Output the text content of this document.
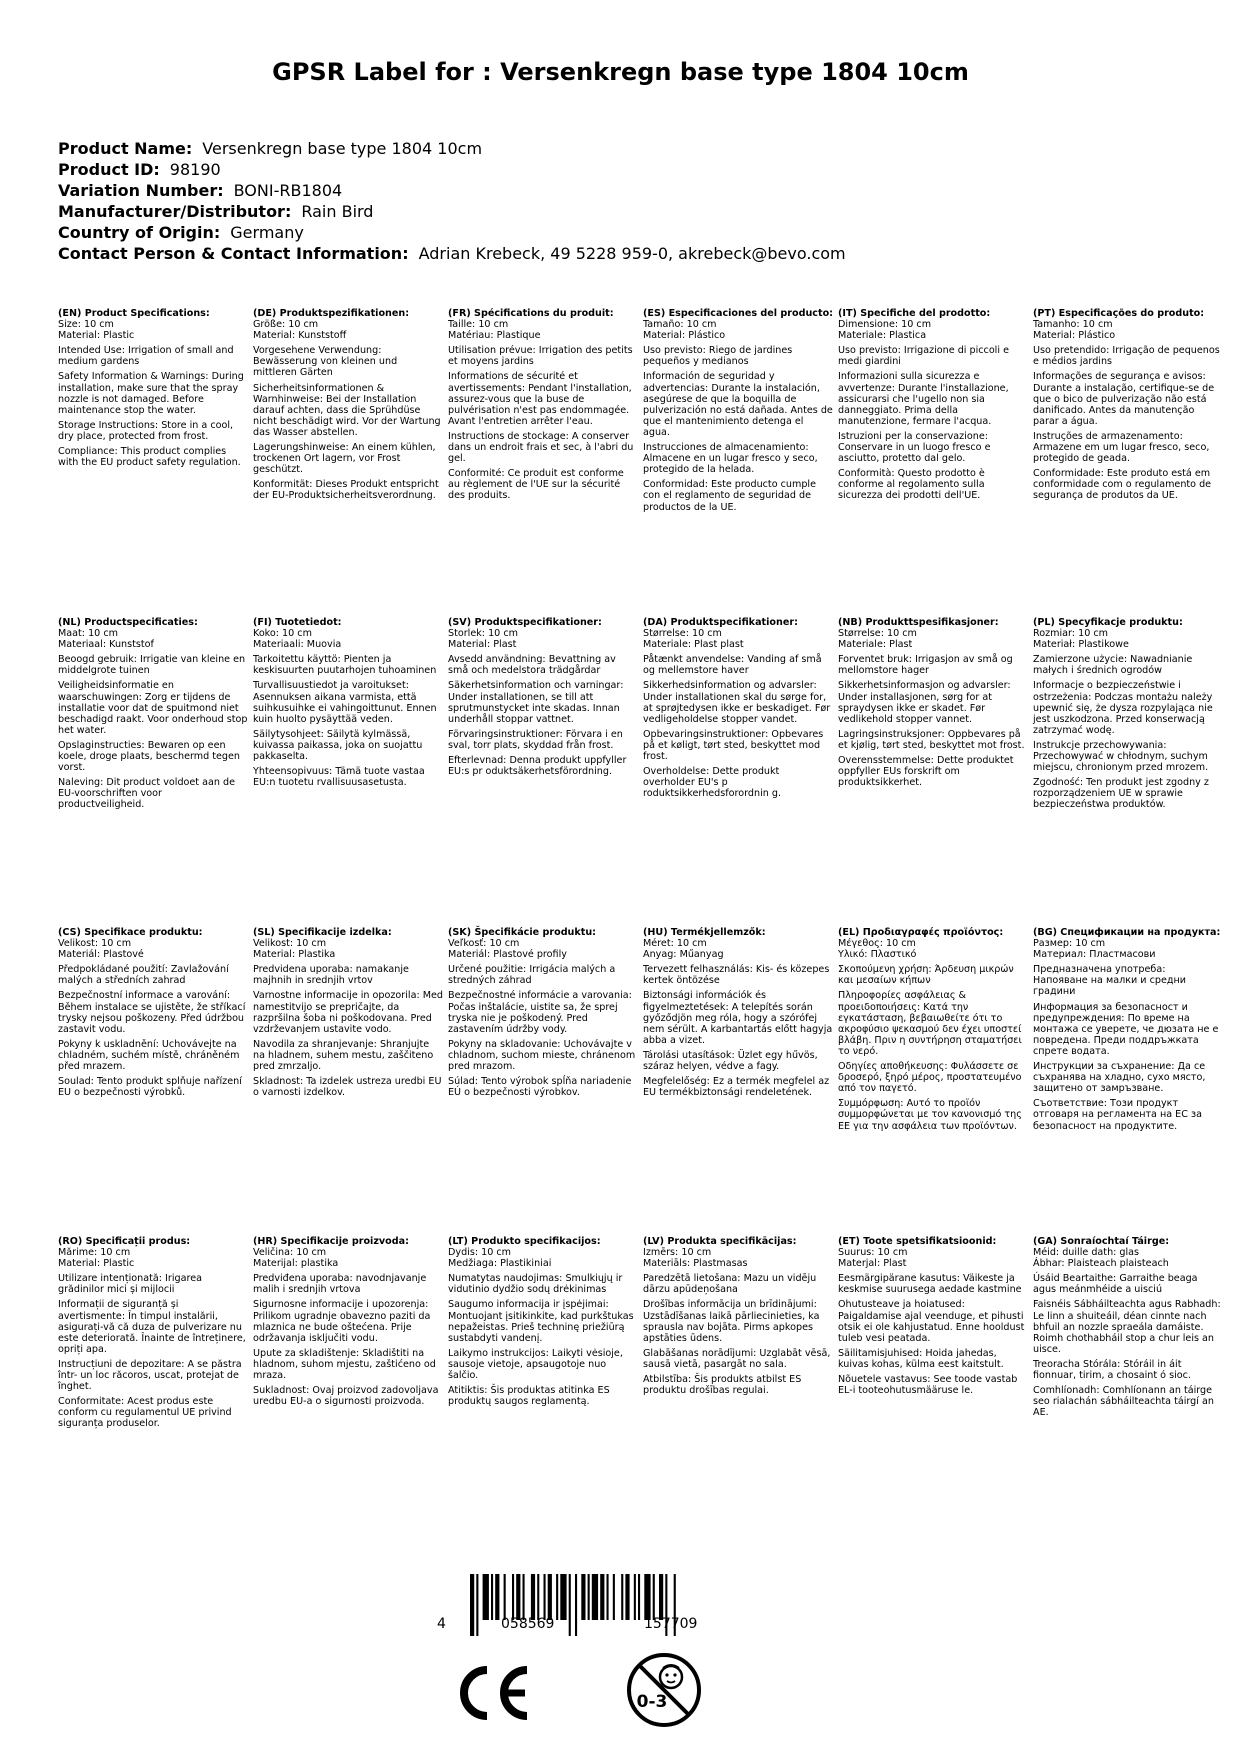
GPSR Label for : Versenkregn base type 1804 10cm
Product Name: Versenkregn base type 1804 10cm
Product ID: 98190
Variation Number: BONI-RB1804
Manufacturer/Distributor: Rain Bird
Country of Origin: Germany
Contact Person & Contact Information: Adrian Krebeck, 49 5228 959-0, akrebeck@bevo.com
(EN) Product Specifications:
Size: 10 cm
Material: Plastic
Intended Use: Irrigation of small and medium gardens
Safety Information & Warnings: During installation, make sure that the spray nozzle is not damaged. Before maintenance stop the water.
Storage Instructions: Store in a cool, dry place, protected from frost.
Compliance: This product complies with the EU product safety regulation.
(DE) Produktspezifikationen:
Größe: 10 cm
Material: Kunststoff
Vorgesehene Verwendung: Bewässerung von kleinen und mittleren Gärten
Sicherheitsinformationen & Warnhinweise: Bei der Installation darauf achten, dass die Sprühdüse nicht beschädigt wird. Vor der Wartung das Wasser abstellen.
Lagerungshinweise: An einem kühlen, trockenen Ort lagern, vor Frost geschützt.
Konformität: Dieses Produkt entspricht der EU-Produktsicherheitsverordnung.
(FR) Spécifications du produit:
Taille: 10 cm
Matériau: Plastique
Utilisation prévue: Irrigation des petits et moyens jardins
Informations de sécurité et avertissements: Pendant l'installation, assurez-vous que la buse de pulvérisation n'est pas endommagée. Avant l'entretien arrêter l'eau.
Instructions de stockage: A conserver dans un endroit frais et sec, à l'abri du gel.
Conformité: Ce produit est conforme au règlement de l'UE sur la sécurité des produits.
(ES) Especificaciones del producto:
Tamaño: 10 cm
Material: Plástico
Uso previsto: Riego de jardines pequeños y medianos
Información de seguridad y advertencias: Durante la instalación, asegúrese de que la boquilla de pulverización no está dañada. Antes de que el mantenimiento detenga el agua.
Instrucciones de almacenamiento: Almacene en un lugar fresco y seco, protegido de la helada.
Conformidad: Este producto cumple con el reglamento de seguridad de productos de la UE.
(IT) Specifiche del prodotto:
Dimensione: 10 cm
Materiale: Plastica
Uso previsto: Irrigazione di piccoli e medi giardini
Informazioni sulla sicurezza e avvertenze: Durante l'installazione, assicurarsi che l'ugello non sia danneggiato. Prima della manutenzione, fermare l'acqua.
Istruzioni per la conservazione: Conservare in un luogo fresco e asciutto, protetto dal gelo.
Conformità: Questo prodotto è conforme al regolamento sulla sicurezza dei prodotti dell'UE.
(PT) Especificações do produto:
Tamanho: 10 cm
Material: Plástico
Uso pretendido: Irrigação de pequenos e médios jardins
Informações de segurança e avisos: Durante a instalação, certifique-se de que o bico de pulverização não está danificado. Antes da manutenção parar a água.
Instruções de armazenamento: Armazene em um lugar fresco, seco, protegido de geada.
Conformidade: Este produto está em conformidade com o regulamento de segurança de produtos da UE.
(NL) Productspecificaties:
Maat: 10 cm
Materiaal: Kunststof
Beoogd gebruik: Irrigatie van kleine en middelgrote tuinen
Veiligheidsinformatie en waarschuwingen: Zorg er tijdens de installatie voor dat de spuitmond niet beschadigd raakt. Voor onderhoud stop het water.
Opslaginstructies: Bewaren op een koele, droge plaats, beschermd tegen vorst.
Naleving: Dit product voldoet aan de EU-voorschriften voor productveiligheid.
(FI) Tuotetiedot:
Koko: 10 cm
Materiaali: Muovia
Tarkoitettu käyttö: Pienten ja keskisuurten puutarhojen tuhoaminen
Turvallisuustiedot ja varoitukset: Asennuksen aikana varmista, että suihkusuihke ei vahingoittunut. Ennen kuin huolto pysäyttää veden.
Säilytysohjeet: Säilytä kylmässä, kuivassa paikassa, joka on suojattu pakkaselta.
Yhteensopivuus: Tämä tuote vastaa EU:n tuotetu rvallisuusasetusta.
(SV) Produktspecifikationer:
Storlek: 10 cm
Material: Plast
Avsedd användning: Bevattning av små och medelstora trädgårdar
Säkerhetsinformation och varningar: Under installationen, se till att sprutmunstycket inte skadas. Innan underhåll stoppar vattnet.
Förvaringsinstruktioner: Förvara i en sval, torr plats, skyddad från frost.
Efterlevnad: Denna produkt uppfyller EU:s pr oduktsäkerhetsförordning.
(DA) Produktspecifikationer:
Størrelse: 10 cm
Materiale: Plast plast
Påtænkt anvendelse: Vanding af små og mellemstore haver
Sikkerhedsinformation og advarsler: Under installationen skal du sørge for, at sprøjtedysen ikke er beskadiget. Før vedligeholdelse stopper vandet.
Opbevaringsinstruktioner: Opbevares på et køligt, tørt sted, beskyttet mod frost.
Overholdelse: Dette produkt overholder EU's p roduktsikkerhedsforordnin g.
(NB) Produkttspesifikasjoner:
Størrelse: 10 cm
Materiale: Plast
Forventet bruk: Irrigasjon av små og mellomstore hager
Sikkerhetsinformasjon og advarsler: Under installasjonen, sørg for at spraydysen ikke er skadet. Før vedlikehold stopper vannet.
Lagringsinstruksjoner: Oppbevares på et kjølig, tørt sted, beskyttet mot frost.
Overensstemmelse: Dette produktet oppfyller EUs forskrift om produktsikkerhet.
(PL) Specyfikacje produktu:
Rozmiar: 10 cm
Materiał: Plastikowe
Zamierzone użycie: Nawadnianie małych i średnich ogrodów
Informacje o bezpieczeństwie i ostrzeżenia: Podczas montażu należy upewnić się, że dysza rozpylająca nie jest uszkodzona. Przed konserwacją zatrzymać wodę.
Instrukcje przechowywania: Przechowywać w chłodnym, suchym miejscu, chronionym przed mrozem.
Zgodność: Ten produkt jest zgodny z rozporządzeniem UE w sprawie bezpieczeństwa produktów.
(CS) Specifikace produktu:
Velikost: 10 cm
Materiál: Plastové
Předpokládané použití: Zavlažování malých a středních zahrad
Bezpečnostní informace a varování: Během instalace se ujistěte, že stříkací trysky nejsou poškozeny. Před údržbou zastavit vodu.
Pokyny k uskladnění: Uchovávejte na chladném, suchém místě, chráněném před mrazem.
Soulad: Tento produkt splňuje nařízení EU o bezpečnosti výrobků.
(SL) Specifikacije izdelka:
Velikost: 10 cm
Material: Plastika
Predvidena uporaba: namakanje majhnih in srednjih vrtov
Varnostne informacije in opozorila: Med namestitvijo se prepričajte, da razpršilna šoba ni poškodovana. Pred vzdrževanjem ustavite vodo.
Navodila za shranjevanje: Shranjujte na hladnem, suhem mestu, zaščiteno pred zmrzaljo.
Skladnost: Ta izdelek ustreza uredbi EU o varnosti izdelkov.
(SK) Špecifikácie produktu:
Veľkosť: 10 cm
Materiál: Plastové profily
Určené použitie: Irrigácia malých a stredných záhrad
Bezpečnostné informácie a varovania: Počas inštalácie, uistite sa, že sprej tryska nie je poškodený. Pred zastavením údržby vody.
Pokyny na skladovanie: Uchovávajte v chladnom, suchom mieste, chránenom pred mrazom.
Súlad: Tento výrobok spĺňa nariadenie EÚ o bezpečnosti výrobkov.
(HU) Termékjellemzők:
Méret: 10 cm
Anyag: Műanyag
Tervezett felhasználás: Kis- és közepes kertek öntözése
Biztonsági információk és figyelmeztetések: A telepítés során győződjön meg róla, hogy a szórófej nem sérült. A karbantartás előtt hagyja abba a vizet.
Tárolási utasítások: Üzlet egy hűvös, száraz helyen, védve a fagy.
Megfelelőség: Ez a termék megfelel az EU termékbiztonsági rendeletének.
(EL) Προδιαγραφές προϊόντος:
Μέγεθος: 10 cm
Υλικό: Πλαστικό
Σκοπούμενη χρήση: Άρδευση μικρών και μεσαίων κήπων
Πληροφορίες ασφάλειας & προειδοποιήσεις: Κατά την εγκατάσταση, βεβαιωθείτε ότι το ακροφύσιο ψεκασμού δεν έχει υποστεί βλάβη. Πριν η συντήρηση σταματήσει το νερό.
Οδηγίες αποθήκευσης: Φυλάσσετε σε δροσερό, ξηρό μέρος, προστατευμένο από τον παγετό.
Συμμόρφωση: Αυτό το προϊόν συμμορφώνεται με τον κανονισμό της ΕΕ για την ασφάλεια των προϊόντων.
(BG) Спецификации на продукта:
Размер: 10 cm
Материал: Пластмасови
Предназначена употреба: Напояване на малки и средни градини
Информация за безопасност и предупреждения: По време на монтажа се уверете, че дюзата не е повредена. Преди поддръжката спрете водата.
Инструкции за съхранение: Да се съхранява на хладно, сухо място, защитено от замръзване.
Съответствие: Този продукт отговаря на регламента на ЕС за безопасност на продуктите.
(RO) Specificații produs:
Mărime: 10 cm
Material: Plastic
Utilizare intenționată: Irigarea grădinilor mici și mijlocii
Informații de siguranță și avertismente: În timpul instalării, asigurați-vă că duza de pulverizare nu este deteriorată. Înainte de întreținere, opriți apa.
Instrucțiuni de depozitare: A se păstra într- un loc răcoros, uscat, protejat de înghet.
Conformitate: Acest produs este conform cu regulamentul UE privind siguranța produselor.
(HR) Specifikacije proizvoda:
Veličina: 10 cm
Materijal: plastika
Predviđena uporaba: navodnjavanje malih i srednjih vrtova
Sigurnosne informacije i upozorenja: Prilikom ugradnje obavezno paziti da mlaznica ne bude oštećena. Prije održavanja isključiti vodu.
Upute za skladištenje: Skladištiti na hladnom, suhom mjestu, zaštićeno od mraza.
Sukladnost: Ovaj proizvod zadovoljava uredbu EU-a o sigurnosti proizvoda.
(LT) Produkto specifikacijos:
Dydis: 10 cm
Medžiaga: Plastikiniai
Numatytas naudojimas: Smulkiųjų ir vidutinio dydžio sodų drėkinimas
Saugumo informacija ir įspėjimai: Montuojant įsitikinkite, kad purkštukas nepažeistas. Prieš techninę priežiūrą sustabdyti vandenį.
Laikymo instrukcijos: Laikyti vėsioje, sausoje vietoje, apsaugotoje nuo šalčio.
Atitiktis: Šis produktas atitinka ES produktų saugos reglamentą.
(LV) Produkta specifikācijas:
Izmērs: 10 cm
Materiāls: Plastmasas
Paredzētā lietošana: Mazu un vidēju dārzu apūdeņošana
Drošības informācija un brīdinājumi: Uzstādīšanas laikā pārliecinieties, ka sprausla nav bojāta. Pirms apkopes apstāties ūdens.
Glabāšanas norādījumi: Uzglabāt vēsā, sausā vietā, pasargāt no sala.
Atbilstība: Šis produkts atbilst ES produktu drošības regulai.
(ET) Toote spetsifikatsioonid:
Suurus: 10 cm
Materjal: Plast
Eesmärgipärane kasutus: Väikeste ja keskmise suurusega aedade kastmine
Ohutusteave ja hoiatused: Paigaldamise ajal veenduge, et pihusti otsik ei ole kahjustatud. Enne hooldust tuleb vesi peatada.
Säilitamisjuhised: Hoida jahedas, kuivas kohas, külma eest kaitstult.
Nõuetele vastavus: See toode vastab EL-i tooteohutusmääruse le.
(GA) Sonraíochtaí Táirge:
Méid: duille dath: glas
Ábhar: Plaisteach plaisteach
Úsáid Beartaithe: Garraithe beaga agus meánmhéide a uisciú
Faisnéis Sábháilteachta agus Rabhadh: Le linn a shuiteáil, déan cinnte nach bhfuil an nozzle spraeála damáiste. Roimh chothabháil stop a chur leis an uisce.
Treoracha Stórála: Stóráil in áit fionnuar, tirim, a chosaint ó sioc.
Comhlíonadh: Comhlíonann an táirge seo rialachán sábháilteachta táirgí an AE.
4	058569	157709
0-3
